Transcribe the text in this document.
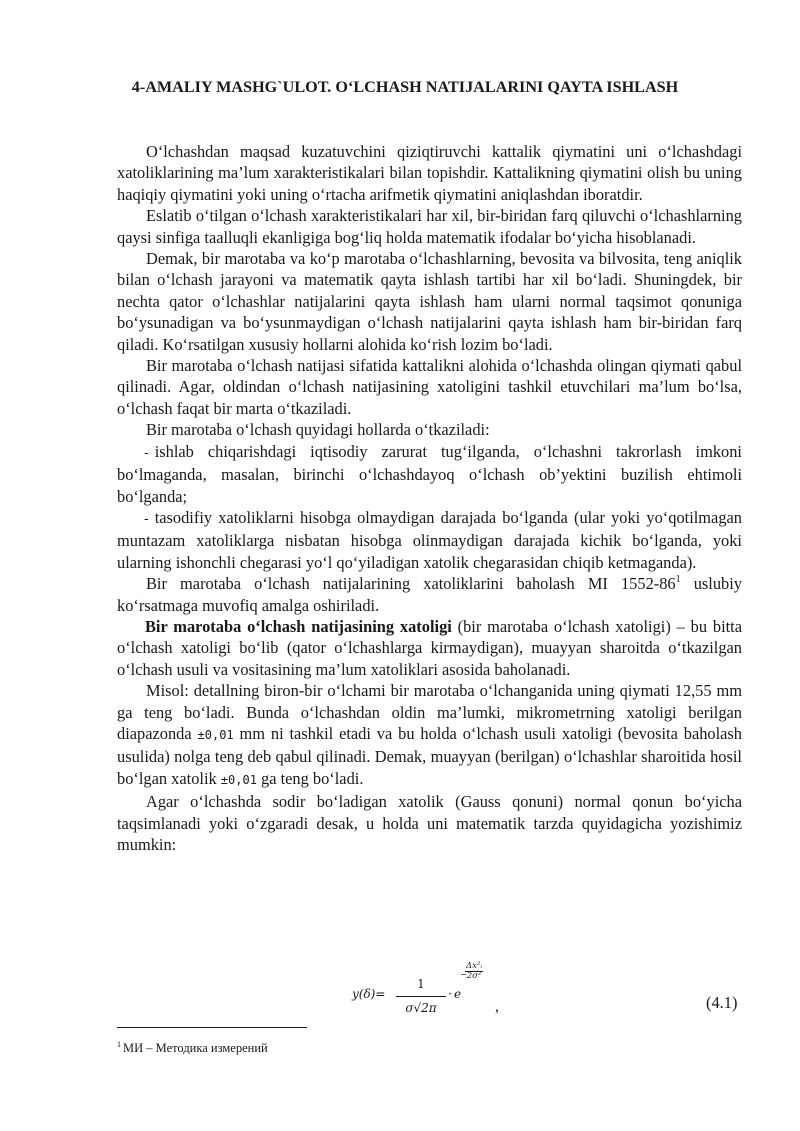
4-AMALIY MASHG`ULOT. O‘LCHASH NATIJALARINI QAYTA ISHLASH

O‘lchashdan maqsad kuzatuvchini qiziqtiruvchi kattalik qiymatini uni o‘lchashdagi xatoliklarining ma’lum xarakteristikalari bilan topishdir. Kattalikning qiymatini olish bu uning haqiqiy qiymatini yoki uning o‘rtacha arifmetik qiymatini aniqlashdan iboratdir.

Eslatib o‘tilgan o‘lchash xarakteristikalari har xil, bir-biridan farq qiluvchi o‘lchashlarning qaysi sinfiga taalluqli ekanligiga bog‘liq holda matematik ifodalar bo‘yicha hisoblanadi.

Demak, bir marotaba va ko‘p marotaba o‘lchashlarning, bevosita va bilvosita, teng aniqlik bilan o‘lchash jarayoni va matematik qayta ishlash tartibi har xil bo‘ladi. Shuningdek, bir nechta qator o‘lchashlar natijalarini qayta ishlash ham ularni normal taqsimot qonuniga bo‘ysunadigan va bo‘ysunmaydigan o‘lchash natijalarini qayta ishlash ham bir-biridan farq qiladi. Ko‘rsatilgan xususiy hollarni alohida ko‘rish lozim bo‘ladi.

Bir marotaba o‘lchash natijasi sifatida kattalikni alohida o‘lchashda olingan qiymati qabul qilinadi. Agar, oldindan o‘lchash natijasining xatoligini tashkil etuvchilari ma’lum bo‘lsa, o‘lchash faqat bir marta o‘tkaziladi.

Bir marotaba o‘lchash quyidagi hollarda o‘tkaziladi:

- ishlab chiqarishdagi iqtisodiy zarurat tug‘ilganda, o‘lchashni takrorlash imkoni bo‘lmaganda, masalan, birinchi o‘lchashdayoq o‘lchash ob’yektini buzilish ehtimoli bo‘lganda;

- tasodifiy xatoliklarni hisobga olmaydigan darajada bo‘lganda (ular yoki yo‘qotilmagan muntazam xatoliklarga nisbatan hisobga olinmaydigan darajada kichik bo‘lganda, yoki ularning ishonchli chegarasi yo‘l qo‘yiladigan xatolik chegarasidan chiqib ketmaganda).

Bir marotaba o‘lchash natijalarining xatoliklarini baholash MI 1552-86$^1$ uslubiy ko‘rsatmaga muvofiq amalga oshiriladi.

Bir marotaba o‘lchash natijasining xatoligi (bir marotaba o‘lchash xatoligi) – bu bitta o‘lchash xatoligi bo‘lib (qator o‘lchashlarga kirmaydigan), muayyan sharoitda o‘tkazilgan o‘lchash usuli va vositasining ma’lum xatoliklari asosida baholanadi.

Misol: detallning biron-bir o‘lchami bir marotaba o‘lchanganida uning qiymati 12,55 mm ga teng bo‘ladi. Bunda o‘lchashdan oldin ma’lumki, mikrometrning xatoligi berilgan diapazonda ±0,01 mm ni tashkil etadi va bu holda o‘lchash usuli xatoligi (bevosita baholash usulida) nolga teng deb qabul qilinadi. Demak, muayyan (berilgan) o‘lchashlar sharoitida hosil bo‘lgan xatolik ±0,01 ga teng bo‘ladi.

Agar o‘lchashda sodir bo‘ladigan xatolik (Gauss qonuni) normal qonun bo‘yicha taqsimlanadi yoki o‘zgaradi desak, u holda uni matematik tarzda quyidagicha yozishimiz mumkin:

$y(\delta)= \frac{1}{\sigma√2\pi} \cdot e$
−
Δx²ᵢ
2σ²
,	(4.1)
$^1$ МИ – Методика измерений
